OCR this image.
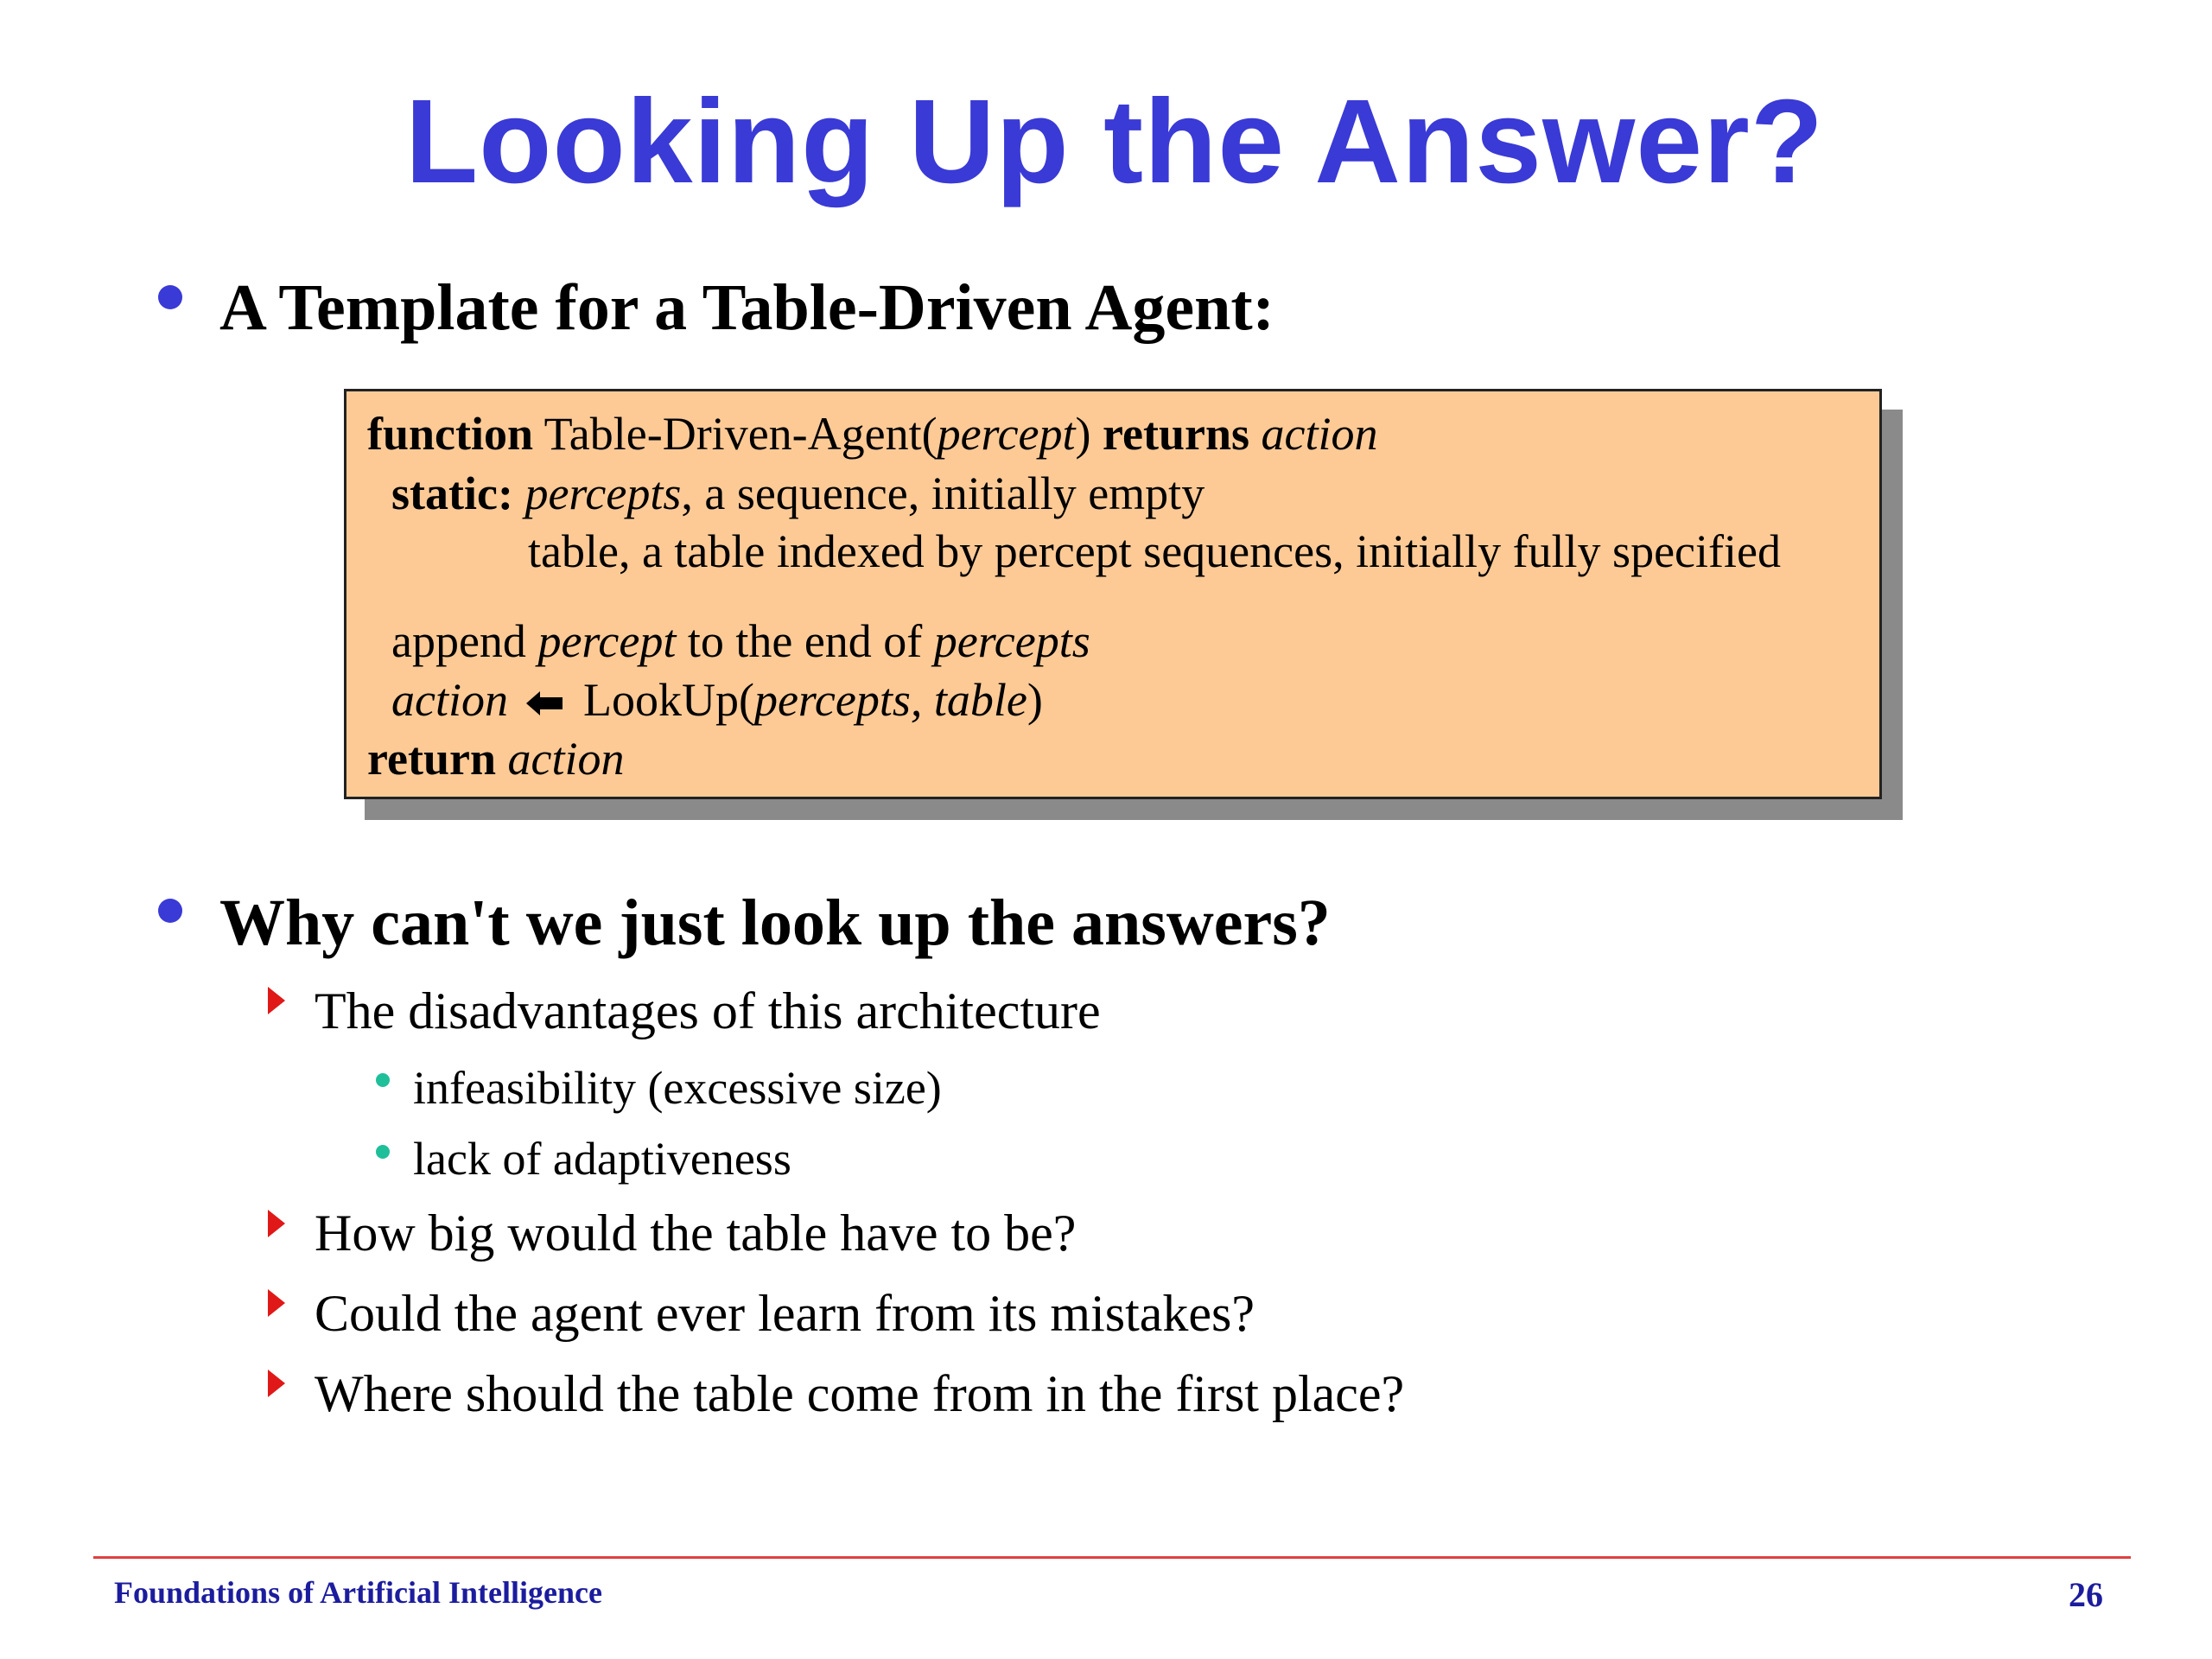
Looking Up the Answer?
A Template for a Table-Driven Agent:
function Table-Driven-Agent(percept) returns action
static: percepts, a sequence, initially empty
table, a table indexed by percept sequences, initially fully specified
append percept to the end of percepts
action  LookUp(percepts, table)
return action
Why can't we just look up the answers?
The disadvantages of this architecture
infeasibility (excessive size)
lack of adaptiveness
How big would the table have to be?
Could the agent ever learn from its mistakes?
Where should the table come from in the first place?
Foundations of Artificial Intelligence	26
